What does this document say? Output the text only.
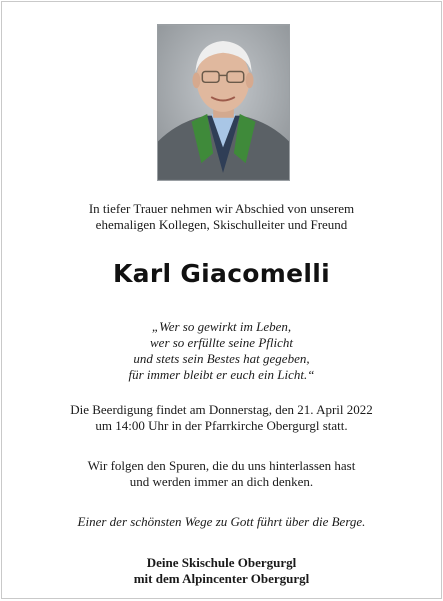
In tiefer Trauer nehmen wir Abschied von unserem
ehemaligen Kollegen, Skischulleiter und Freund
Karl Giacomelli
„Wer so gewirkt im Leben,
wer so erfüllte seine Pflicht
und stets sein Bestes hat gegeben,
für immer bleibt er euch ein Licht.“
Die Beerdigung findet am Donnerstag, den 21. April 2022
um 14:00 Uhr in der Pfarrkirche Obergurgl statt.
Wir folgen den Spuren, die du uns hinterlassen hast
und werden immer an dich denken.
Einer der schönsten Wege zu Gott führt über die Berge.
Deine Skischule Obergurgl
mit dem Alpincenter Obergurgl
